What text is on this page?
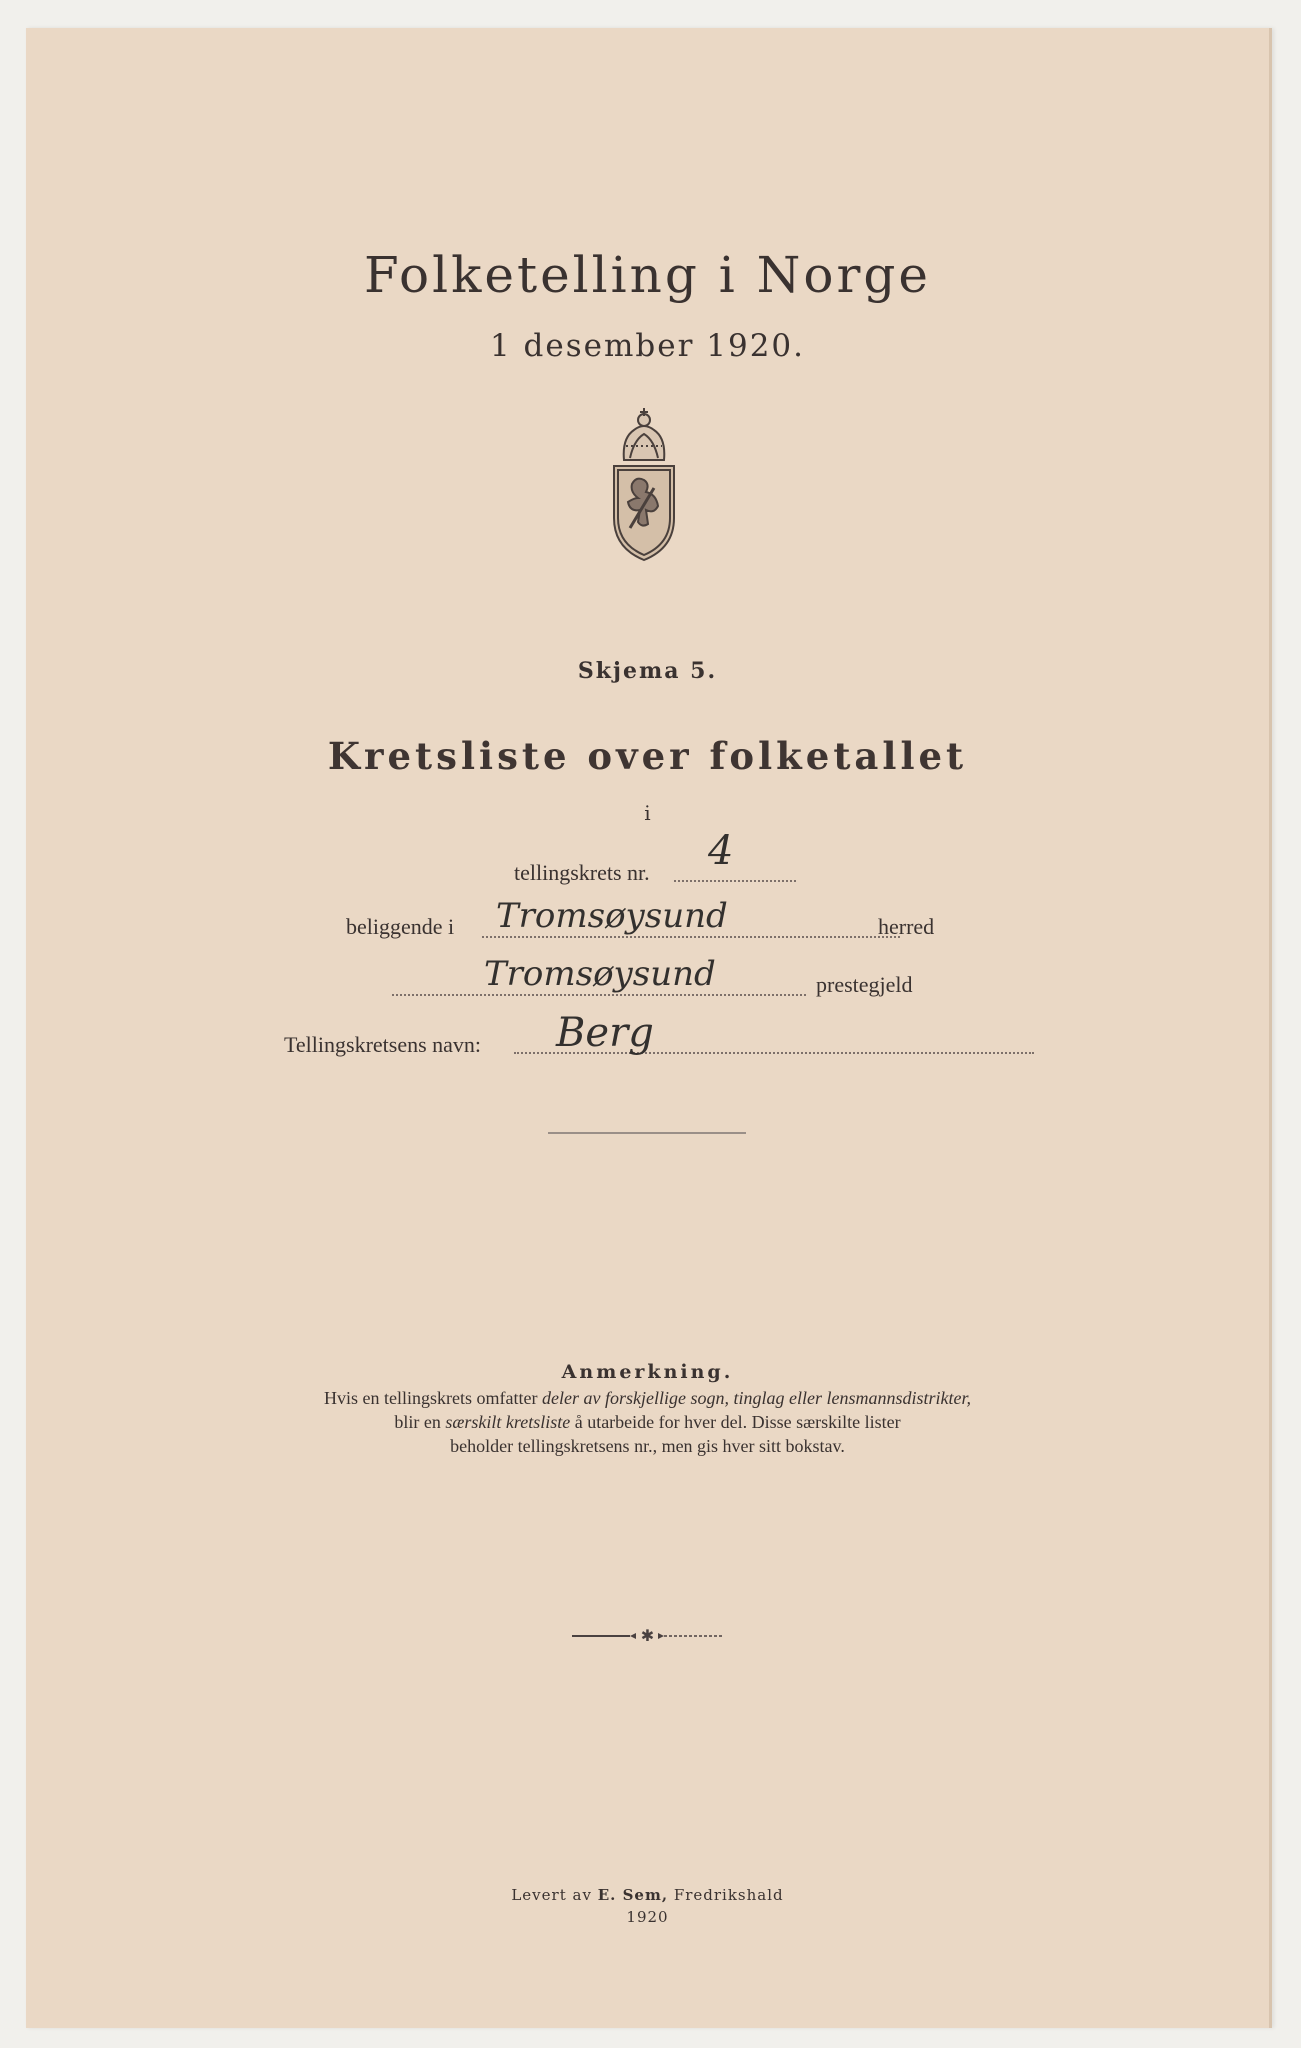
Folketelling i Norge
1 desember 1920.
Skjema 5.
Kretsliste over folketallet
i
tellingskrets nr. 4
beliggende i Tromsøysund	herred
Tromsøysund	prestegjeld
Tellingskretsens navn: Berg
Anmerkning.
Hvis en tellingskrets omfatter deler av forskjellige sogn, tinglag eller lensmannsdistrikter,
blir en særskilt kretsliste å utarbeide for hver del. Disse særskilte lister
beholder tellingskretsens nr., men gis hver sitt bokstav.
✱
Levert av E. Sem, Fredrikshald
1920
